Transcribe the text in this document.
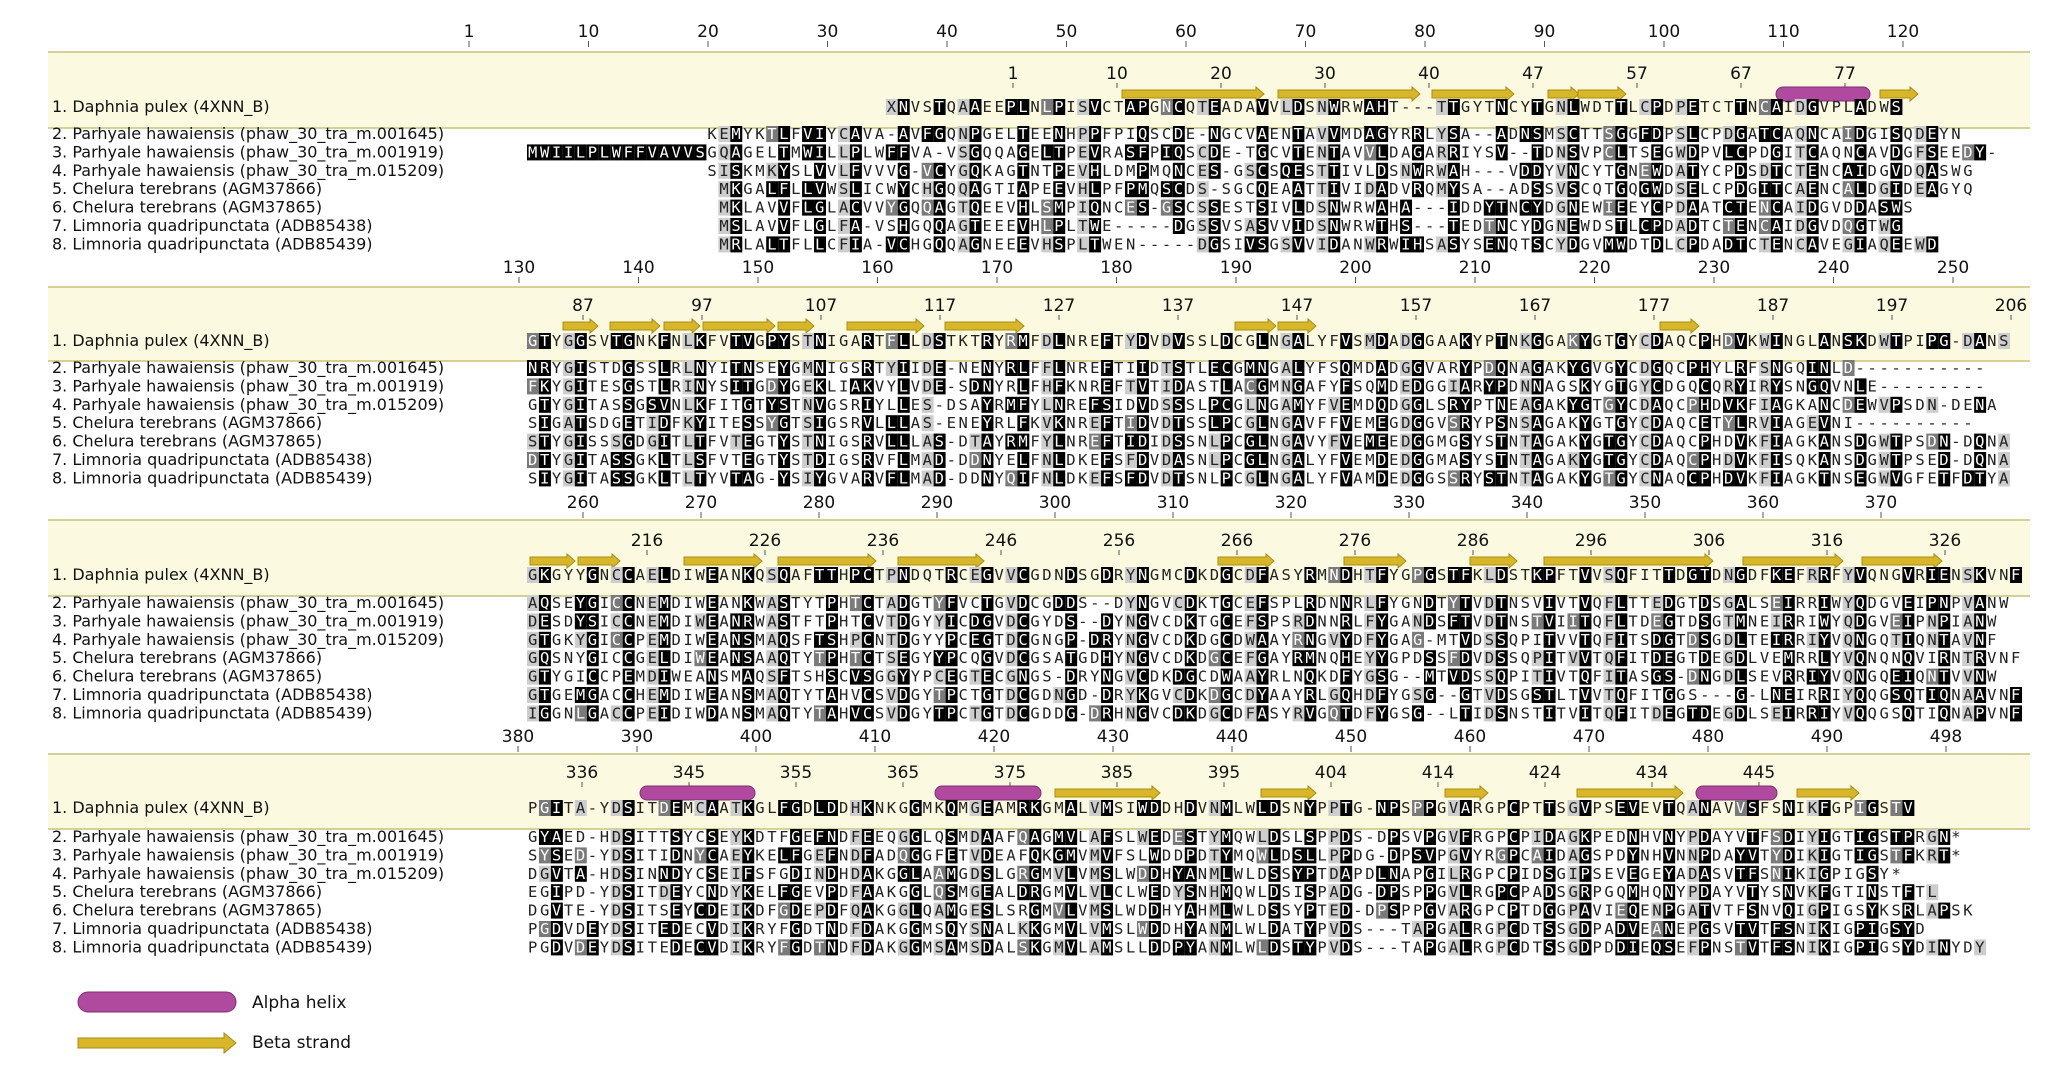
1	10	20	30	40	50	60	70	80	90	100	110	120
1	10	20	30	40	47	57	67	77
1. Daphnia pulex (4XNN_B)	X N V S T Q A A E E P L N L P I S V C T A P G N C Q T E A D A V V L D S N W R W A H T - - - T T G Y T N C Y T G N L W D T T L C P D P E T C T T N C A I D G V P L A D W S
2. Parhyale hawaiensis (phaw_30_tra_m.001645)	K E M Y K T L F V I Y C A V A - A V F G Q N P G E L T E E N H P P F P I Q S C D E - N G C V A E N T A V V M D A G Y R R L Y S A - - A D N S M S C T T S G G F D P S L C P D G A T C A Q N C A I D G I S Q D E Y N
3. Parhyale hawaiensis (phaw_30_tra_m.001919)	M W I I L P L W F F V A V V S G Q A G E L T M W I L L P L W F F V A - V S G Q Q A G E L T P E V R A S F P I Q S C D E - T G C V T E N T A V V L D A G A R R I Y S V - - T D N S V P C L T S E G W D P V L C P D G I T C A Q N C A V D G F S E E D Y -
4. Parhyale hawaiensis (phaw_30_tra_m.015209)	S I S K M K Y S L V V L F V V V G - V C Y G Q K A G T N T P E V H L D M P M Q N C E S - G S C S Q E S T T I V L D S N W R W A H - - - V D D Y V N C Y T G N E W D A T Y C P D S D T C T E N C A I D G V D Q A S W G
5. Chelura terebrans (AGM37866)	M K G A L F L L V W S L I C W Y C H G Q Q A G T I A P E E V H L P F P M Q S C D S - S G C Q E A A T T I V I D A D V R Q M Y S A - - A D S S V S C Q T G Q G W D S E L C P D G I T C A E N C A L D G I D E A G Y Q
6. Chelura terebrans (AGM37865)	M K L A V V F L G L A C V V Y G Q Q A G T Q E E V H L S M P I Q N C E S - G S C S S E S T S I V L D S N W R W A H A - - - I D D Y T N C Y D G N E W I E E Y C P D A A T C T E N C A I D G V D D A S W S
7. Limnoria quadripunctata (ADB85438)	M S L A V V F L G L F A - V S H G Q Q A G T E E E V H L P L T W E - - - - - D G S S V S A S V V I D S N W R W T H S - - - T E D T N C Y D G N E W D S T L C P D A D T C T E N C A I D G V D Q G T W G
8. Limnoria quadripunctata (ADB85439)	M R L A L T F L L C F I A - V C H G Q Q A G N E E E V H S P L T W E N - - - - - D G S I V S G S V V I D A N W R W I H S A S Y S E N Q T S C Y D G V M W D T D L C P D A D T C T E N C A V E G I A Q E E W D
130	140	150	160	170	180	190	200	210	220	230	240	250
87	97	107	117	127	137	147	157	167	177	187	197	206
1. Daphnia pulex (4XNN_B)	G T Y G G S V T G N K F N L K F V T V G P Y S T N I G A R T F L L D S T K T R Y R M F D L N R E F T Y D V D V S S L D C G L N G A L Y F V S M D A D G G A A K Y P T N K G G A K Y G T G Y C D A Q C P H D V K W I N G L A N S K D W T P I P G - D A N S
2. Parhyale hawaiensis (phaw_30_tra_m.001645)	N R Y G I S T D G S S L R L N Y I T N S E Y G M N I G S R T Y I I D E - N E N Y R L F F L N R E F T I I D T S T L E C G M N G A L Y F S Q M D A D G G V A R Y P D Q N A G A K Y G V G Y C D G Q C P H Y L R F S N G Q I N L D - - - - - - - - - - -
3. Parhyale hawaiensis (phaw_30_tra_m.001919)	F K Y G I T E S G S T L R I N Y S I T G D Y G E K L I A K V Y L V D E - S D N Y R L F H F K N R E F T V T I D A S T L A C G M N G A F Y F S Q M D E D G G I A R Y P D N N A G S K Y G T G Y C D G Q C Q R Y I R Y S N G Q V N L E - - - - - - - - -
4. Parhyale hawaiensis (phaw_30_tra_m.015209)	G T Y G I T A S S G S V N L K F I T G T Y S T N V G S R I Y L L E S - D S A Y R M F Y L N R E F S I D V D S S S L P C G L N G A M Y F V E M D Q D G G L S R Y P T N E A G A K Y G T G Y C D A Q C P H D V K F I A G K A N C D E W V P S D N - D E N A
5. Chelura terebrans (AGM37866)	S I G A T S D G E T I D F K Y I T E S S Y G T S I G S R V L L L A S - E N E Y R L F K V K N R E F T I D V D T S S L P C G L N G A V F F V E M E G D G G V S R Y P S N S A G A K Y G T G Y C D A Q C E T Y L R V I A G E V N I - - - - - - - - - -
6. Chelura terebrans (AGM37865)	S T Y G I S S S G D G I T L T F V T E G T Y S T N I G S R V L L L A S - D T A Y R M F Y L N R E F T I D I D S S N L P C G L N G A V Y F V E M E E D G G M G S Y S T N T A G A K Y G T G Y C D A Q C P H D V K F I A G K A N S D G W T P S D N - D Q N A
7. Limnoria quadripunctata (ADB85438)	D T Y G I T A S S G K L T L S F V T E G T Y S T D I G S R V F L M A D - D D N Y E L F N L D K E F S F D V D A S N L P C G L N G A L Y F V E M D E D G G M A S Y S T N T A G A K Y G T G Y C D A Q C P H D V K F I S Q K A N S D G W T P S E D - D Q N A
8. Limnoria quadripunctata (ADB85439)	S I Y G I T A S S G K L T L T Y V T A G - Y S I Y G V A R V F L M A D - D D N Y Q I F N L D K E F S F D V D T S N L P C G L N G A L Y F V A M D E D G G S S R Y S T N T A G A K Y G T G Y C N A Q C P H D V K F I A G K T N S E G W V G F E T F D T Y A
260	270	280	290	300	310	320	330	340	350	360	370
216	226	236	246	256	266	276	286	296	306	316	326
1. Daphnia pulex (4XNN_B)	G K G Y Y G N C C A E L D I W E A N K Q S Q A F T T H P C T P N D Q T R C E G V V C G D N D S G D R Y N G M C D K D G C D F A S Y R M N D H T F Y G P G S T F K L D S T K P F T V V S Q F I T T D G T D N G D F K E F R R F Y V Q N G V R I E N S K V N F
2. Parhyale hawaiensis (phaw_30_tra_m.001645)	A Q S E Y G I C C N E M D I W E A N K W A S T Y T P H T C T A D G T Y F V C T G V D C G D D S - - D Y N G V C D K T G C E F S P L R D N N R L F Y G N D T Y T V D T N S V I V T V Q F L T T E D G T D S G A L S E I R R I W Y Q D G V E I P N P V A N W
3. Parhyale hawaiensis (phaw_30_tra_m.001919)	D E S D Y S I C C N E M D I W E A N R W A S T F T P H T C V T D G Y Y I C D G V D C G Y D S - - D Y N G V C D K T G C E F S P S R D N N R L F Y G A N D S F T V D T N S T V I I T Q F L T D E G T D S G T M N E I R R I W Y Q D G V E I P N P I A N W
4. Parhyale hawaiensis (phaw_30_tra_m.015209)	G T G K Y G I C C P E M D I W E A N S M A Q S F T S H P C N T D G Y Y P C E G T D C G N G P - D R Y N G V C D K D G C D W A A Y R N G V Y D F Y G A G - M T V D S S Q P I T V V T Q F I T S D G T D S G D L T E I R R I Y V Q N G Q T I Q N T A V N F
5. Chelura terebrans (AGM37866)	G Q S N Y G I C C G E L D I W E A N S A A Q T Y T P H T C T S E G Y Y P C Q G V D C G S A T G D H Y N G V C D K D G C E F G A Y R M N Q H E Y Y G P D S S F D V D S S Q P I T V V T Q F I T D E G T D E G D L V E M R R L Y V Q N Q N Q V I R N T R V N F
6. Chelura terebrans (AGM37865)	G T Y G I C C P E M D I W E A N S M A Q S F T S H S C V S G G Y Y P C E G T E C G N G S - D R Y N G V C D K D G C D W A A Y R L N Q K D F Y G S G - - M T V D S S Q P I T I V T Q F I T A S G S - D N G D L S E V R R I Y V Q N G Q E I Q N T V V N W
7. Limnoria quadripunctata (ADB85438)	G T G E M G A C C H E M D I W E A N S M A Q T Y T A H V C S V D G Y T P C T G T D C G D N G D - D R Y K G V C D K D G C D Y A A Y R L G Q H D F Y G S G - - G T V D S G S T L T V V T Q F I T G G S - - - G - L N E I R R I Y Q Q G S Q T I Q N A A V N F
8. Limnoria quadripunctata (ADB85439)	I G G N L G A C C P E I D I W D A N S M A Q T Y T A H V C S V D G Y T P C T G T D C G D D G - D R H N G V C D K D G C D F A S Y R V G Q T D F Y G S G - - L T I D S N S T I T V I T Q F I T D E G T D E G D L S E I R R I Y V Q Q G S Q T I Q N A P V N F
380	390	400	410	420	430	440	450	460	470	480	490	498
336	345	355	365	375	385	395	404	414	424	434	445
1. Daphnia pulex (4XNN_B)	P G I T A - Y D S I T D E M C A A T K G L F G D L D D H K N K G G M K Q M G E A M R K G M A L V M S I W D D H D V N M L W L D S N Y P P T G - N P S P P G V A R G P C P T T S G V P S E V E V T Q A N A V V S F S N I K F G P I G S T V
2. Parhyale hawaiensis (phaw_30_tra_m.001645)	G Y A E D - H D S I T T S Y C S E Y K D T F G E F N D F E E Q G G L Q S M D A A F Q A G M V L A F S L W E D E S T Y M Q W L D S L S P P D S - D P S V P G V F R G P C P I D A G K P E D N H V N Y P D A Y V T F S D I Y I G T I G S T P R G N *
3. Parhyale hawaiensis (phaw_30_tra_m.001919)	S Y S E D - Y D S I T I D N Y C A E Y K E L F G E F N D F A D Q G G F E T V D E A F Q K G M V M V F S L W D D P D T Y M Q W L D S L L P P D G - D P S V P G V Y R G P C A I D A G S P D Y N H V N N P D A Y V T Y D I K I G T I G S T F K R T *
4. Parhyale hawaiensis (phaw_30_tra_m.015209)	D G V T A - H D S I N N D Y C S E I F S F G D I N D H D A K G G L A A M G D S L G R G M V L V M S L W D D H Y A N M L W L D S S Y P T D A P D L N A P G I L R G P C P I D S G I P S E V E G E Y A D A S V T F S N I K I G P I G S Y *
5. Chelura terebrans (AGM37866)	E G I P D - Y D S I T D E Y C N D Y K E L F G E V P D F A A K G G L Q S M G E A L D R G M V L V L C L W E D Y S N H M Q W L D S I S P A D G - D P S P P G V L R G P C P A D S G R P G Q M H Q N Y P D A Y V T Y S N V K F G T I N S T F T L
6. Chelura terebrans (AGM37865)	D G V T E - Y D S I T S E Y C D E I K D F G D E P D F Q A K G G L Q A M G E S L S R G M V L V M S L W D D H Y A H M L W L D S S Y P T E D - D P S P P G V A R G P C P T D G G P A V I E Q E N P G A T V T F S N V Q I G P I G S Y K S R L A P S K
7. Limnoria quadripunctata (ADB85438)	P G D V D E Y D S I T E D E C V D I K R Y F G D T N D F D A K G G M S Q Y S N A L K K G M V L V M S L W D D H Y A N M L W L D A T Y P V D S - - - T A P G A L R G P C D T S S G D P A D V E A N E P G S V T V T F S N I K I G P I G S Y D
8. Limnoria quadripunctata (ADB85439)	P G D V D E Y D S I T E D E C V D I K R Y F G D T N D F D A K G G M S A M S D A L S K G M V L A M S L L D D P Y A N M L W L D S T Y P V D S - - - T A P G A L R G P C D T S S G D P D D I E Q S E F P N S T V T F S N I K I G P I G S Y D I N Y D Y
Alpha helix
Beta strand
